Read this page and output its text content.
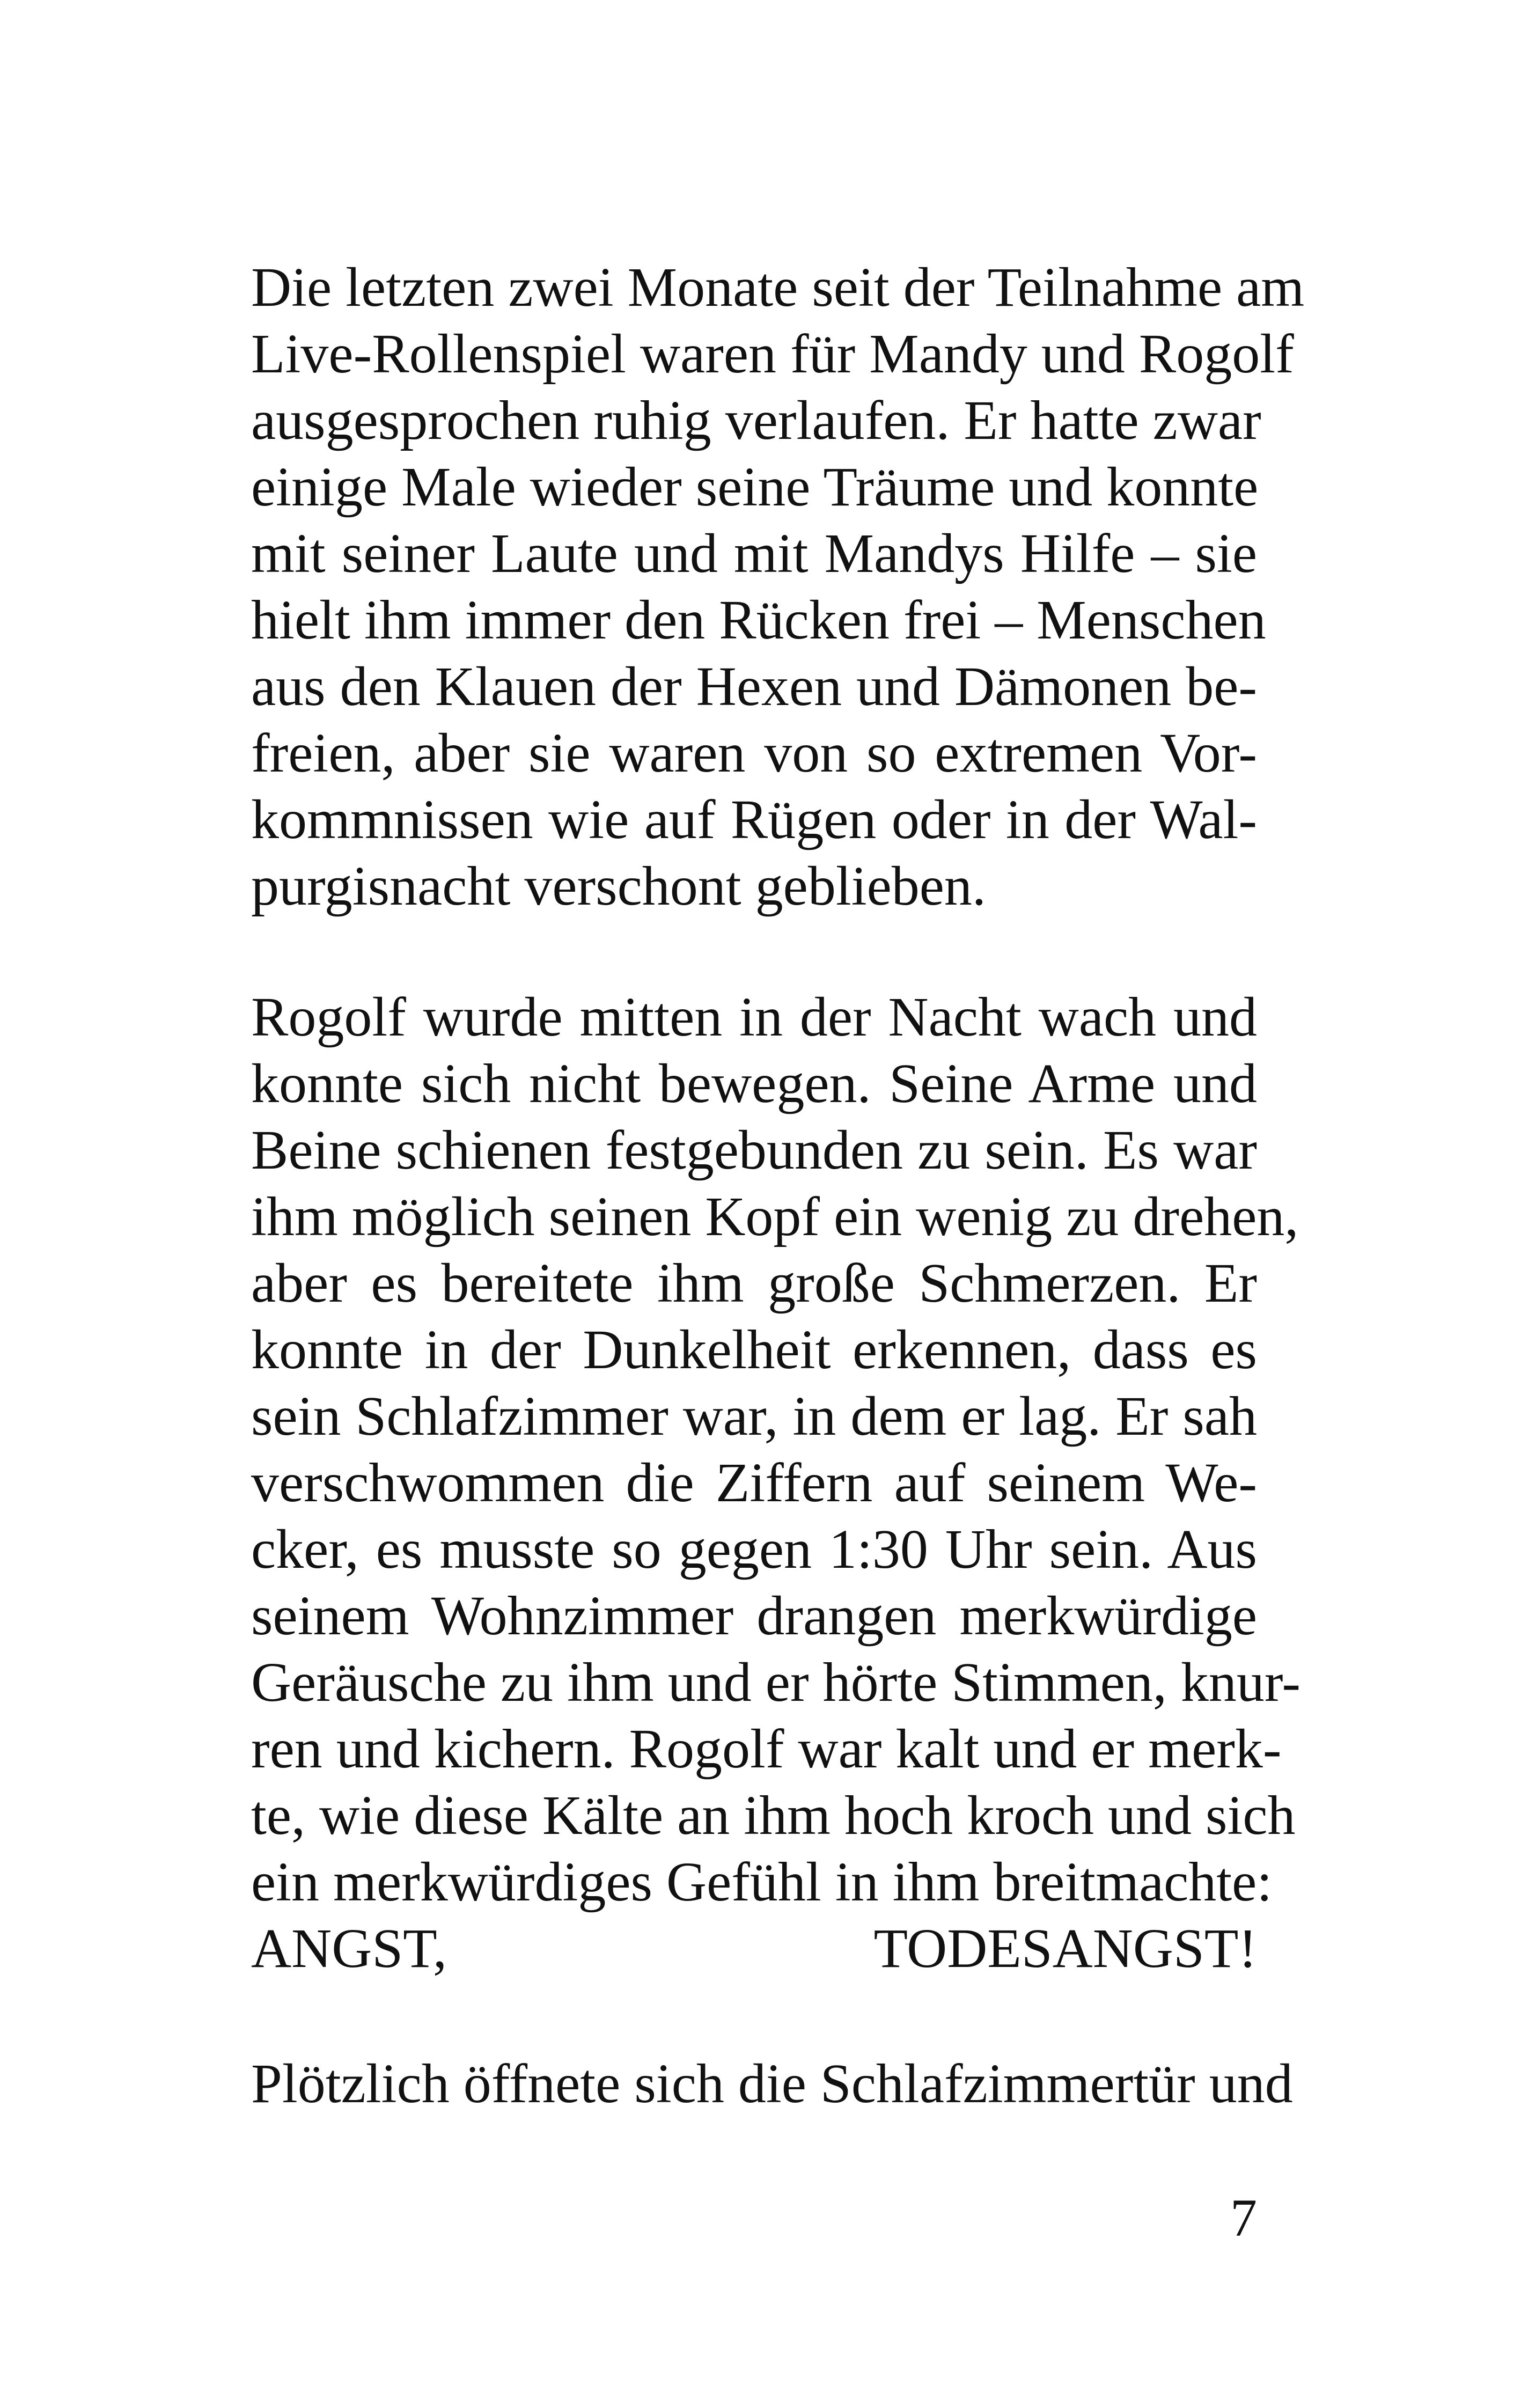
Die letzten zwei Monate seit der Teilnahme am
Live-Rollenspiel waren für Mandy und Rogolf
ausgesprochen ruhig verlaufen. Er hatte zwar
einige Male wieder seine Träume und konnte
mit seiner Laute und mit Mandys Hilfe – sie
hielt ihm immer den Rücken frei – Menschen
aus den Klauen der Hexen und Dämonen be-
freien, aber sie waren von so extremen Vor-
kommnissen wie auf Rügen oder in der Wal-
purgisnacht verschont geblieben.
Rogolf wurde mitten in der Nacht wach und
konnte sich nicht bewegen. Seine Arme und
Beine schienen festgebunden zu sein. Es war
ihm möglich seinen Kopf ein wenig zu drehen,
aber es bereitete ihm große Schmerzen. Er
konnte in der Dunkelheit erkennen, dass es
sein Schlafzimmer war, in dem er lag. Er sah
verschwommen die Ziffern auf seinem We-
cker, es musste so gegen 1:30 Uhr sein. Aus
seinem Wohnzimmer drangen merkwürdige
Geräusche zu ihm und er hörte Stimmen, knur-
ren und kichern. Rogolf war kalt und er merk-
te, wie diese Kälte an ihm hoch kroch und sich
ein merkwürdiges Gefühl in ihm breitmachte:
ANGST, TODESANGST!
Plötzlich öffnete sich die Schlafzimmertür und
7
